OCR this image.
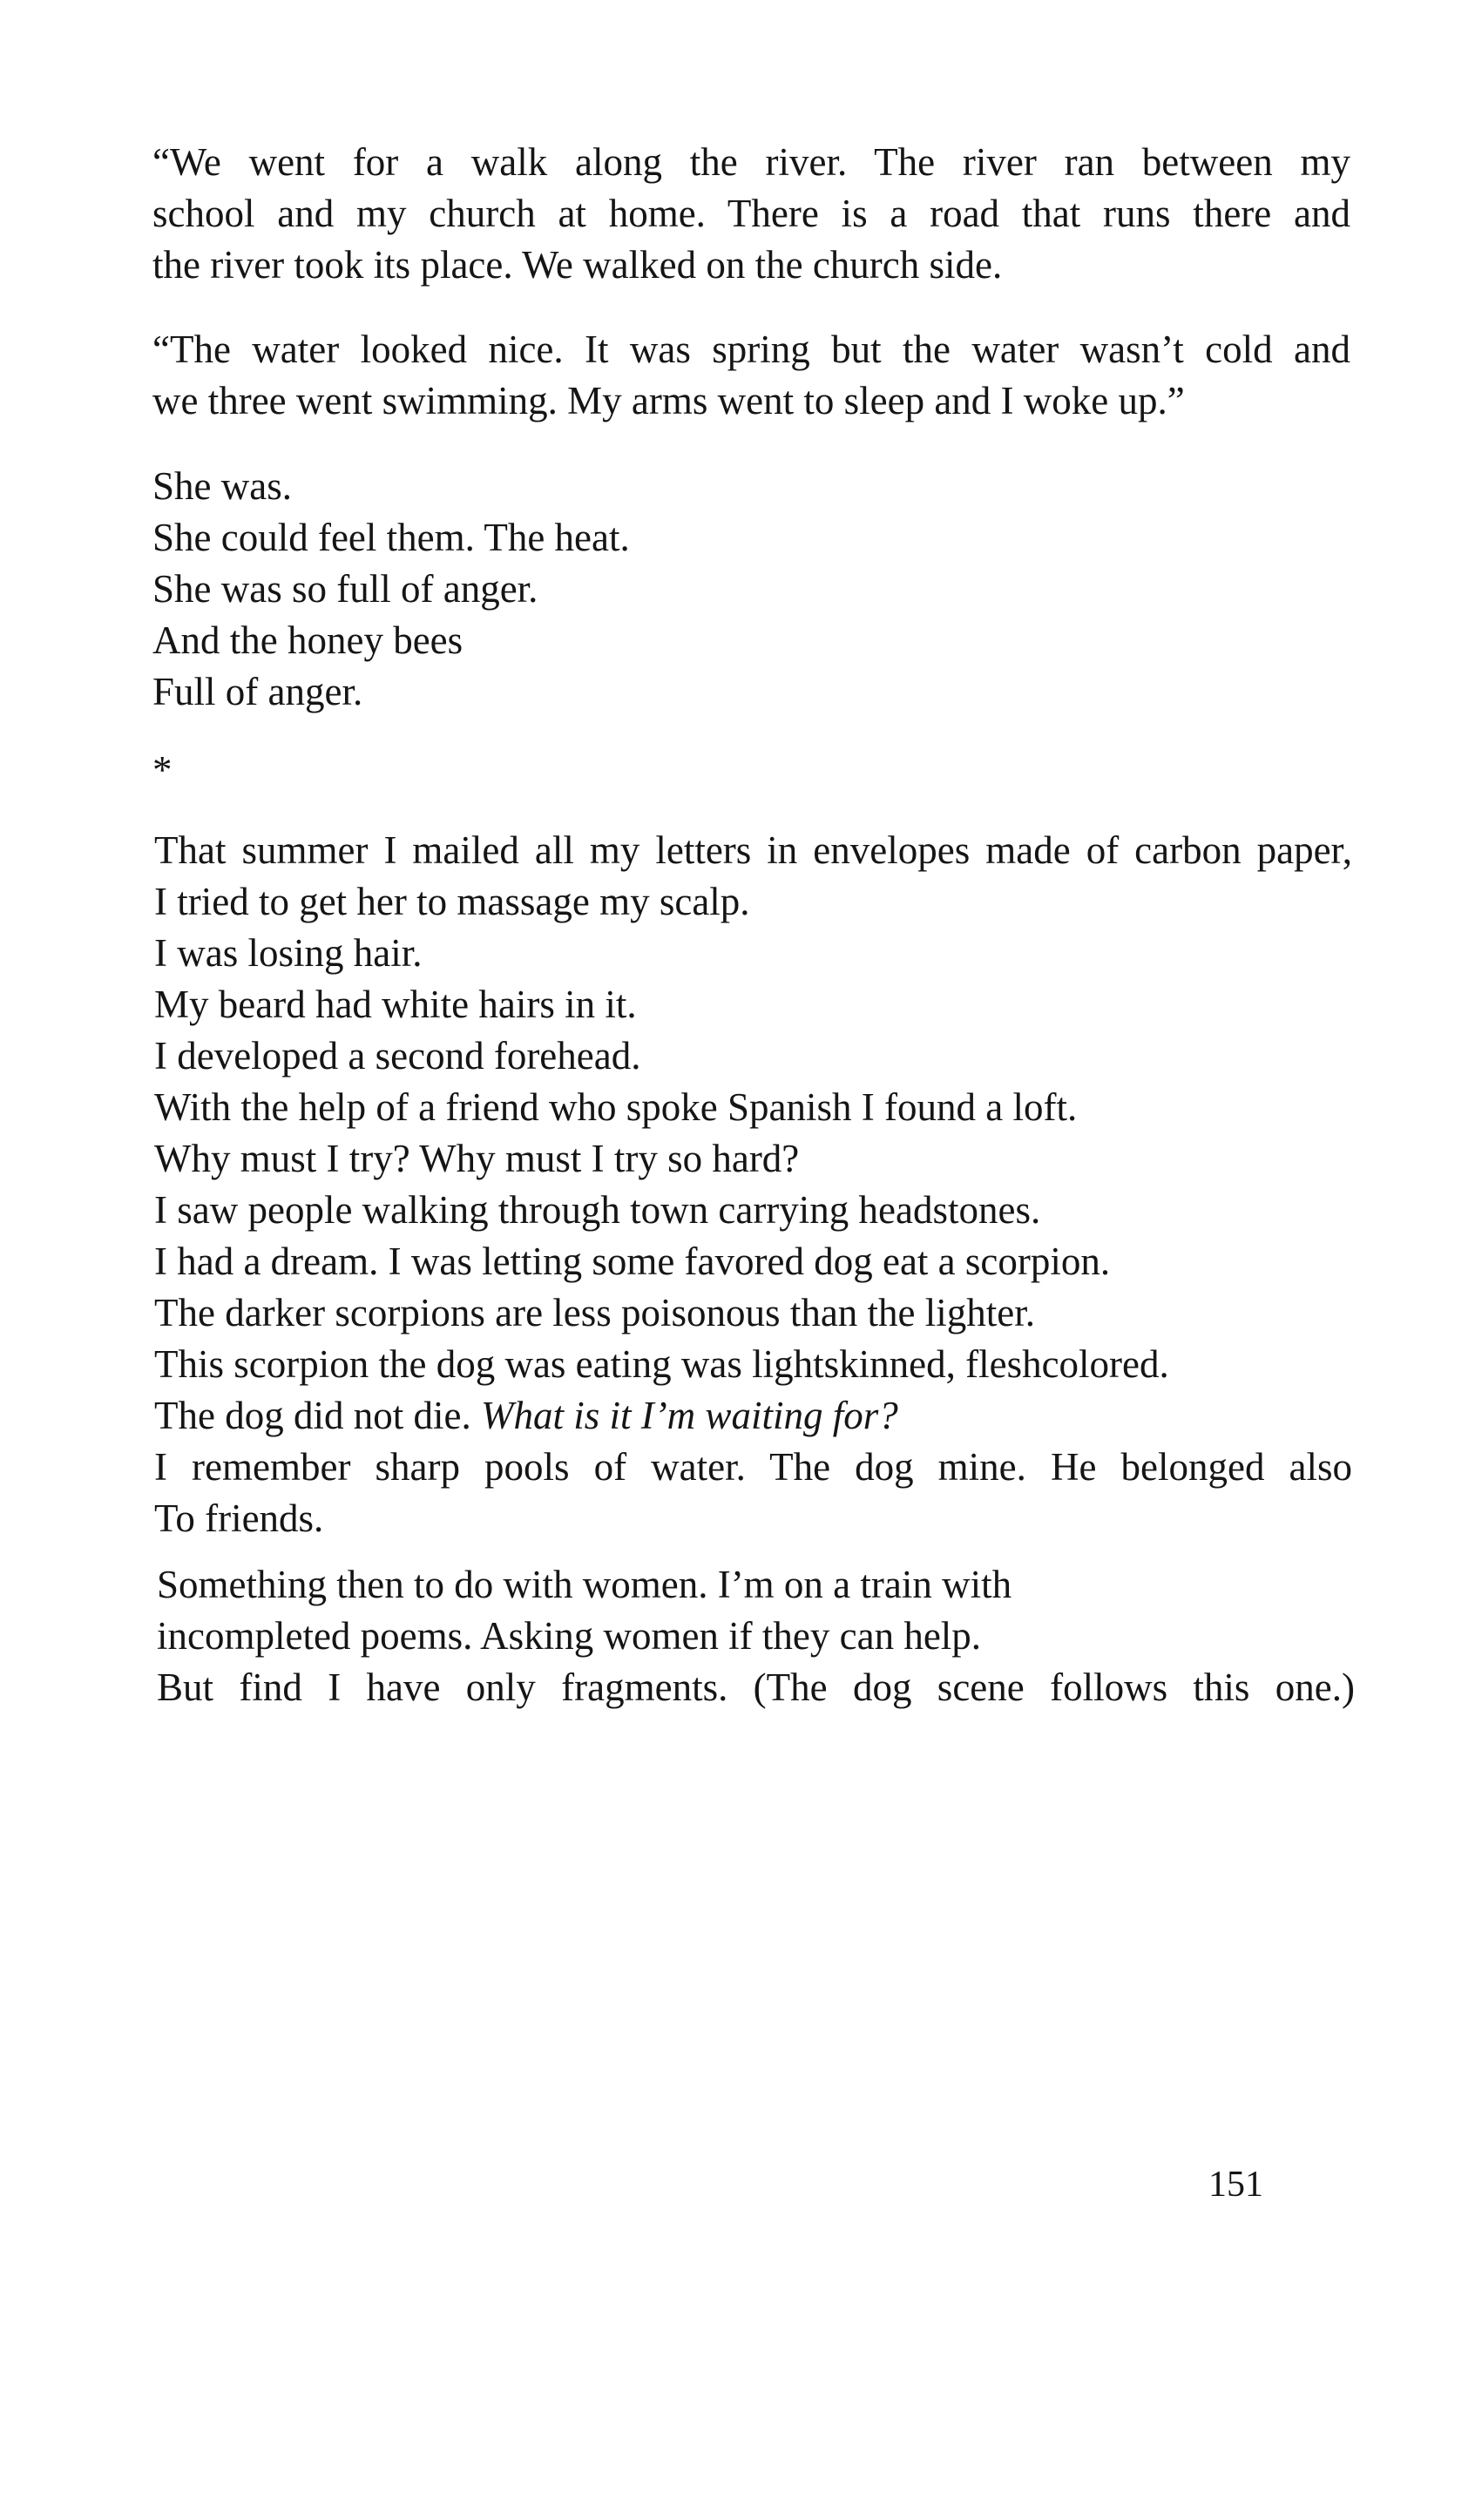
“We went for a walk along the river. The river ran between my
school and my church at home. There is a road that runs there and
the river took its place. We walked on the church side.
“The water looked nice. It was spring but the water wasn’t cold and
we three went swimming. My arms went to sleep and I woke up.”
She was.
She could feel them. The heat.
She was so full of anger.
And the honey bees
Full of anger.
*
That summer I mailed all my letters in envelopes made of carbon paper,
I tried to get her to massage my scalp.
I was losing hair.
My beard had white hairs in it.
I developed a second forehead.
With the help of a friend who spoke Spanish I found a loft.
Why must I try? Why must I try so hard?
I saw people walking through town carrying headstones.
I had a dream. I was letting some favored dog eat a scorpion.
The darker scorpions are less poisonous than the lighter.
This scorpion the dog was eating was lightskinned, fleshcolored.
The dog did not die. What is it I’m waiting for?
I remember sharp pools of water. The dog mine. He belonged also
To friends.
Something then to do with women. I’m on a train with
incompleted poems. Asking women if they can help.
But find I have only fragments. (The dog scene follows this one.)
151
